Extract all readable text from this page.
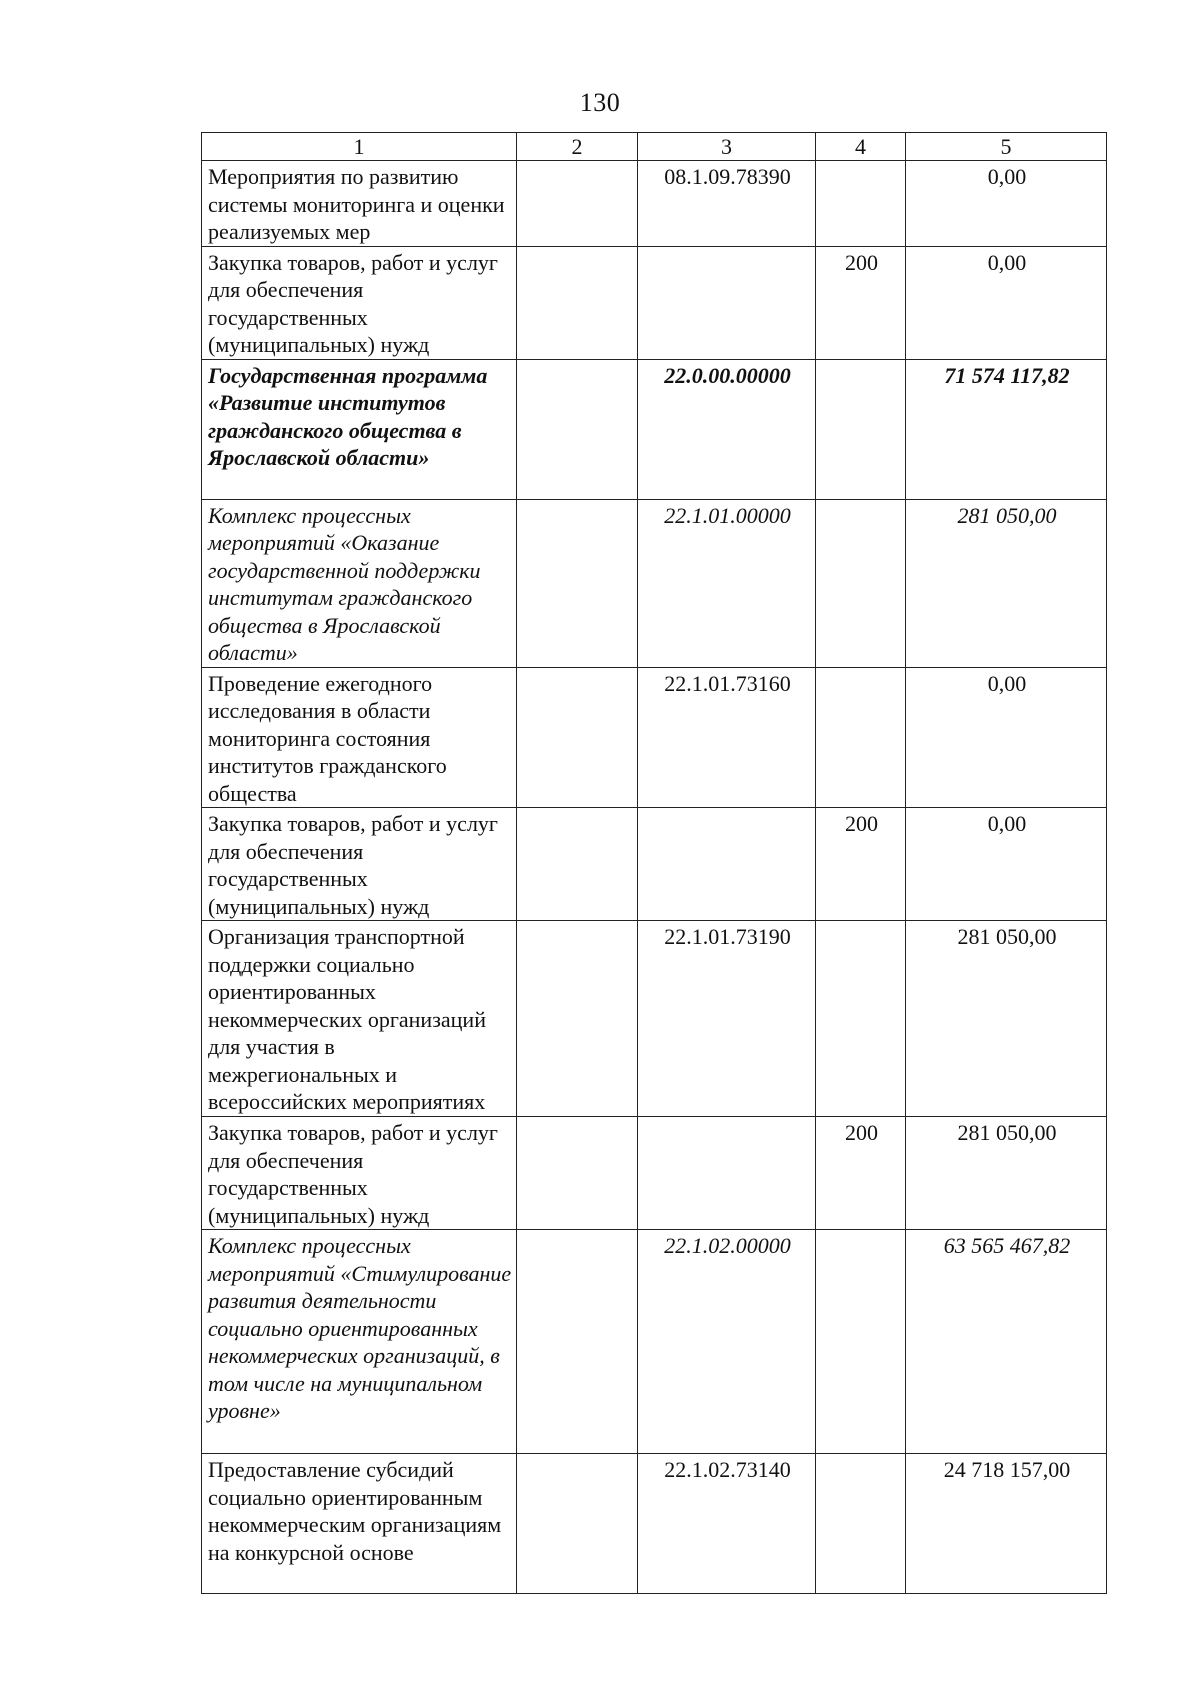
130
1	2	3	4	5
Мероприятия по развитию системы мониторинга и оценки реализуемых мер		08.1.09.78390		0,00
Закупка товаров, работ и услуг для обеспечения государственных (муниципальных) нужд			200	0,00
Государственная программа «Развитие институтов гражданского общества в Ярославской области»		22.0.00.00000		71 574 117,82
Комплекс процессных мероприятий «Оказание государственной поддержки институтам гражданского общества в Ярославской области»		22.1.01.00000		281 050,00
Проведение ежегодного исследования в области мониторинга состояния институтов гражданского общества		22.1.01.73160		0,00
Закупка товаров, работ и услуг для обеспечения государственных (муниципальных) нужд			200	0,00
Организация транспортной поддержки социально ориентированных некоммерческих организаций для участия в межрегиональных и всероссийских мероприятиях		22.1.01.73190		281 050,00
Закупка товаров, работ и услуг для обеспечения государственных (муниципальных) нужд			200	281 050,00
Комплекс процессных мероприятий «Стимулирование развития деятельности социально ориентированных некоммерческих организаций, в том числе на муниципальном уровне»		22.1.02.00000		63 565 467,82
Предоставление субсидий социально ориентированным некоммерческим организациям на конкурсной основе		22.1.02.73140		24 718 157,00
